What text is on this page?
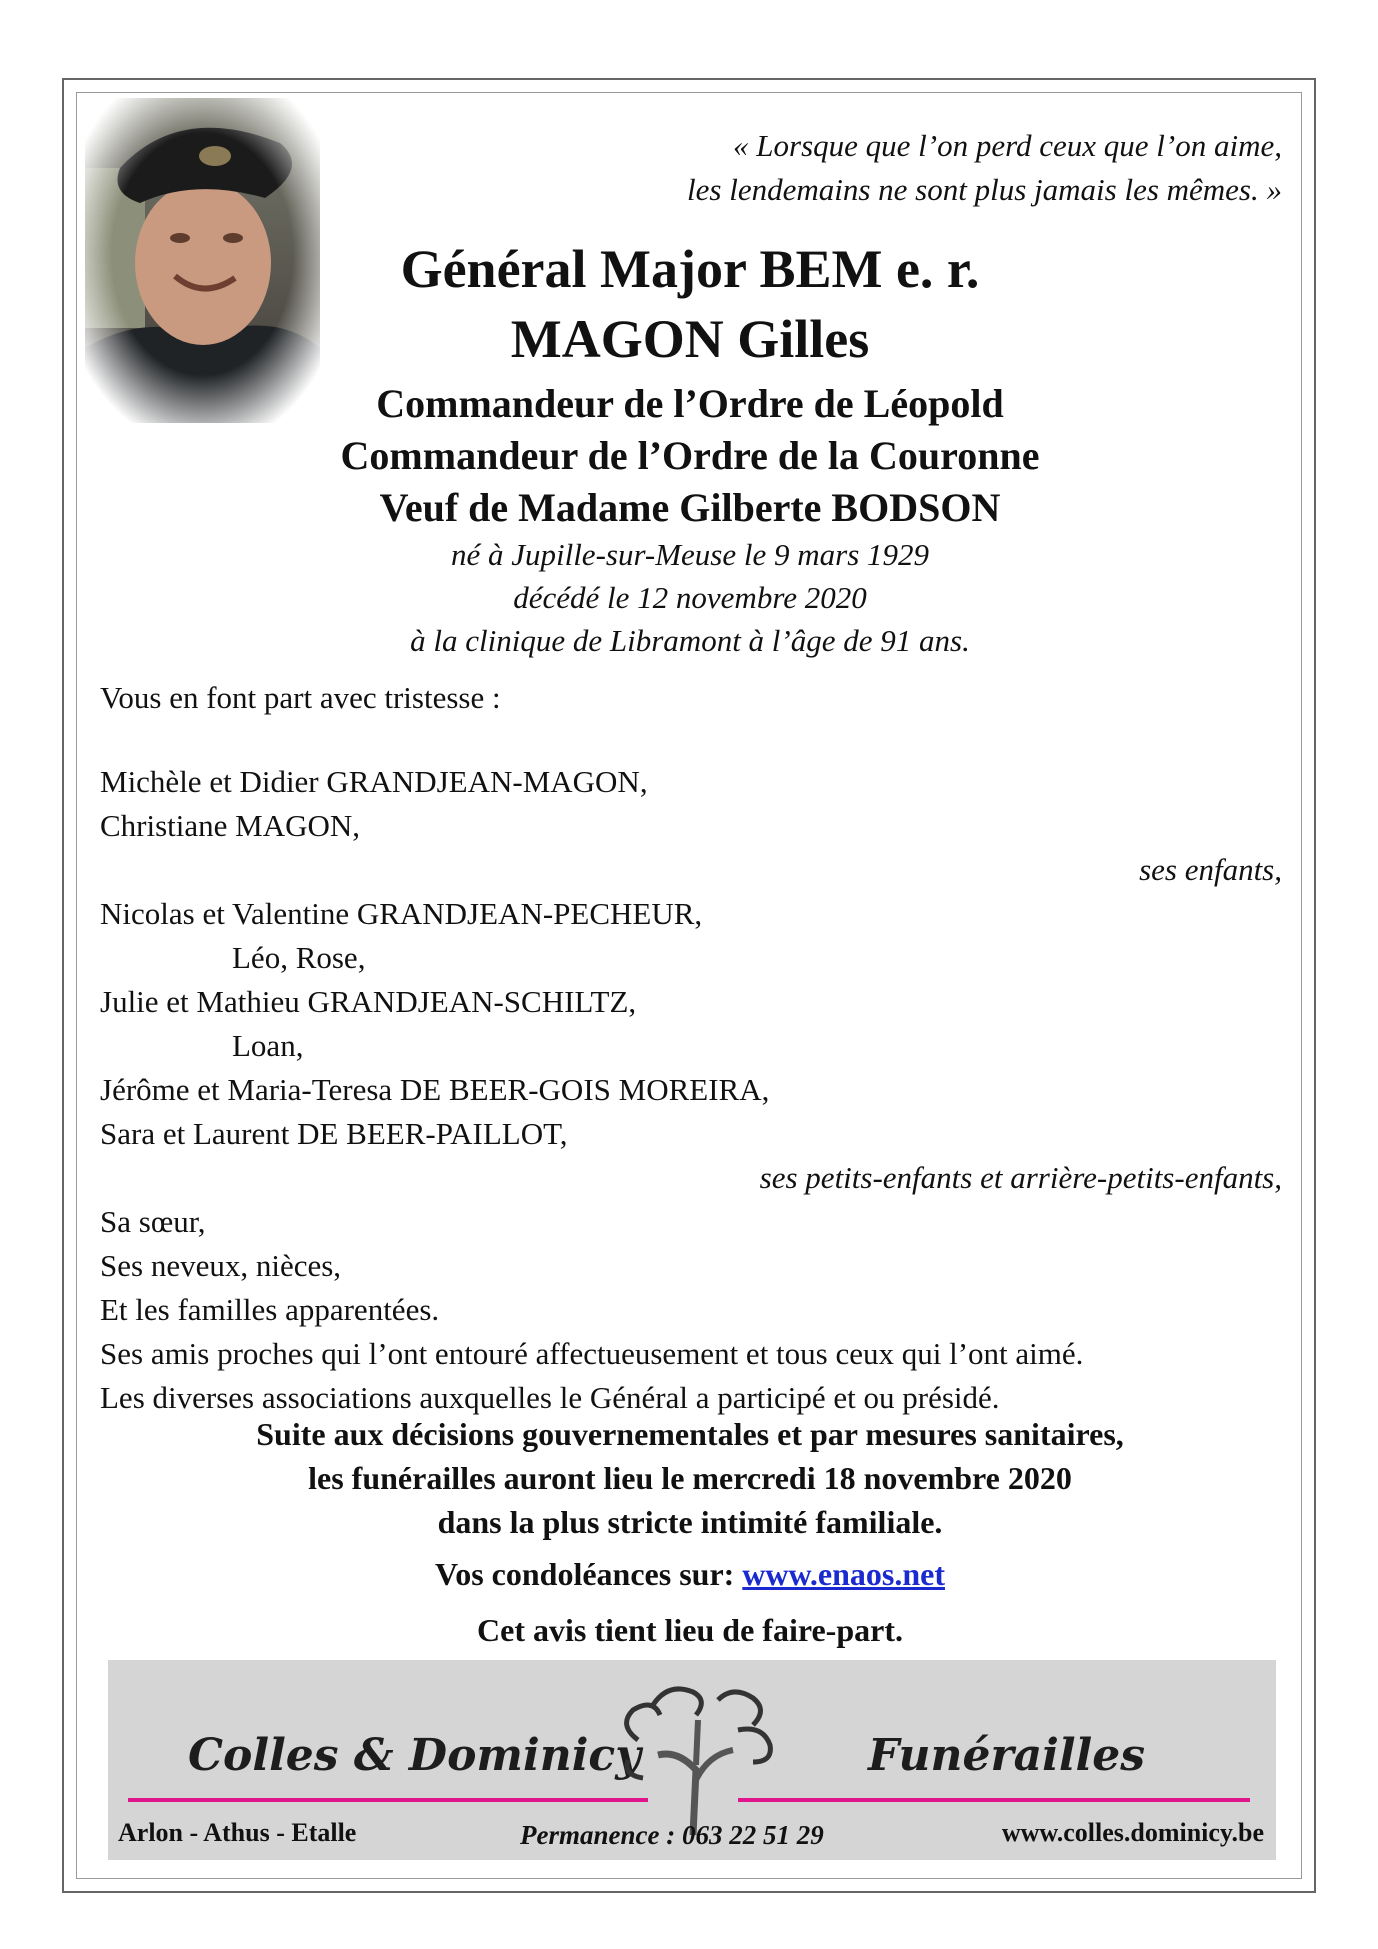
« Lorsque que l’on perd ceux que l’on aime,
les lendemains ne sont plus jamais les mêmes. »
Général Major BEM e. r.
MAGON Gilles
Commandeur de l’Ordre de Léopold
Commandeur de l’Ordre de la Couronne
Veuf de Madame Gilberte BODSON
né à Jupille-sur-Meuse le 9 mars 1929
décédé le 12 novembre 2020
à la clinique de Libramont à l’âge de 91 ans.
Vous en font part avec tristesse :
Michèle et Didier GRANDJEAN-MAGON,
Christiane MAGON,
ses enfants,
Nicolas et Valentine GRANDJEAN-PECHEUR,
Léo, Rose,
Julie et Mathieu GRANDJEAN-SCHILTZ,
Loan,
Jérôme et Maria-Teresa DE BEER-GOIS MOREIRA,
Sara et Laurent DE BEER-PAILLOT,
ses petits-enfants et arrière-petits-enfants,
Sa sœur,
Ses neveux, nièces,
Et les familles apparentées.
Ses amis proches qui l’ont entouré affectueusement et tous ceux qui l’ont aimé.
Les diverses associations auxquelles le Général a participé et ou présidé.
Suite aux décisions gouvernementales et par mesures sanitaires,
les funérailles auront lieu le mercredi 18 novembre 2020
dans la plus stricte intimité familiale.
Vos condoléances sur: www.enaos.net
Cet avis tient lieu de faire-part.
Colles & Dominicy	Funérailles
Arlon - Athus - Etalle	Permanence : 063 22 51 29	www.colles.dominicy.be
